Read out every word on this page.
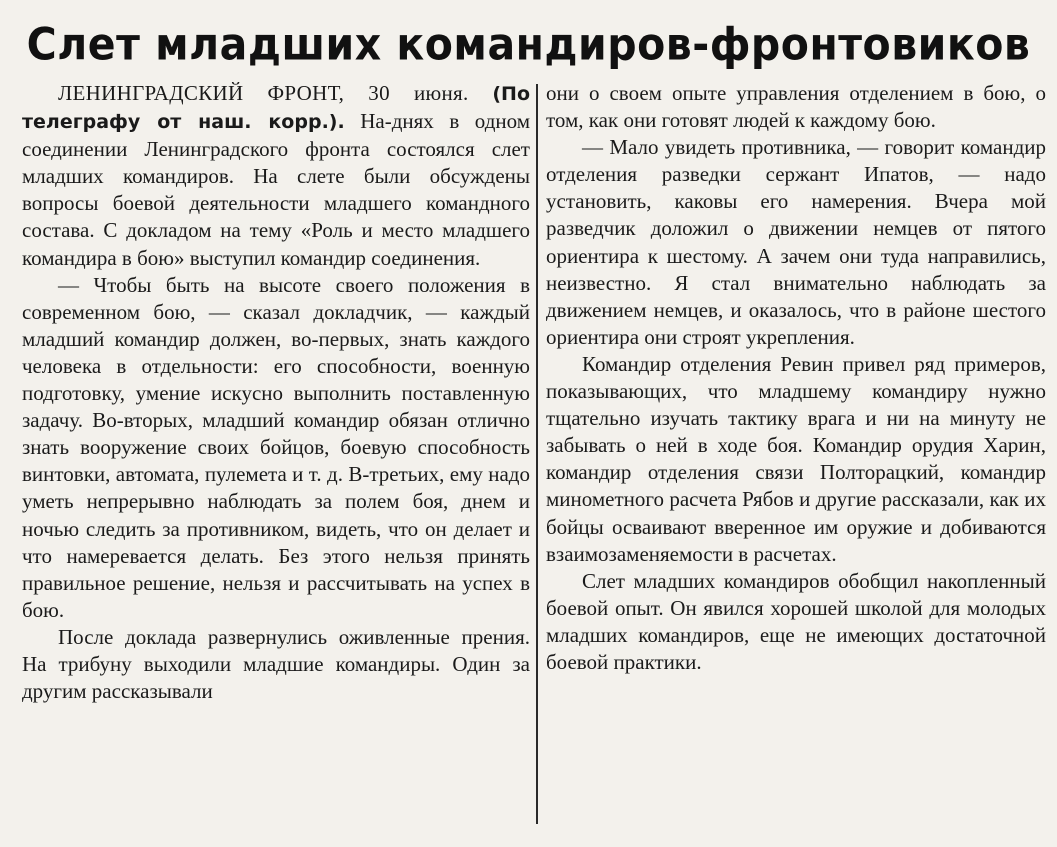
Слет младших командиров-фронтовиков

ЛЕНИНГРАДСКИЙ ФРОНТ, 30 июня. (По телеграфу от наш. корр.). На-днях в одном соединении Ленинградского фронта состоялся слет младших командиров. На слете были обсуждены вопросы боевой деятельности младшего командного состава. С докладом на тему «Роль и место младшего командира в бою» выступил командир соединения.

— Чтобы быть на высоте своего положения в современном бою, — сказал докладчик, — каждый младший командир должен, во-первых, знать каждого человека в отдельности: его способности, военную подготовку, умение искусно выполнить поставленную задачу. Во-вторых, младший командир обязан отлично знать вооружение своих бойцов, боевую способность винтовки, автомата, пулемета и т. д. В-третьих, ему надо уметь непрерывно наблюдать за полем боя, днем и ночью следить за противником, видеть, что он делает и что намеревается делать. Без этого нельзя принять правильное решение, нельзя и рассчитывать на успех в бою.

После доклада развернулись оживленные прения. На трибуну выходили младшие командиры. Один за другим рассказывали

они о своем опыте управления отделением в бою, о том, как они готовят людей к каждому бою.

— Мало увидеть противника, — говорит командир отделения разведки сержант Ипатов, — надо установить, каковы его намерения. Вчера мой разведчик доложил о движении немцев от пятого ориентира к шестому. А зачем они туда направились, неизвестно. Я стал внимательно наблюдать за движением немцев, и оказалось, что в районе шестого ориентира они строят укрепления.

Командир отделения Ревин привел ряд примеров, показывающих, что младшему командиру нужно тщательно изучать тактику врага и ни на минуту не забывать о ней в ходе боя. Командир орудия Харин, командир отделения связи Полторацкий, командир минометного расчета Рябов и другие рассказали, как их бойцы осваивают вверенное им оружие и добиваются взаимозаменяемости в расчетах.

Слет младших командиров обобщил накопленный боевой опыт. Он явился хорошей школой для молодых младших командиров, еще не имеющих достаточной боевой практики.
